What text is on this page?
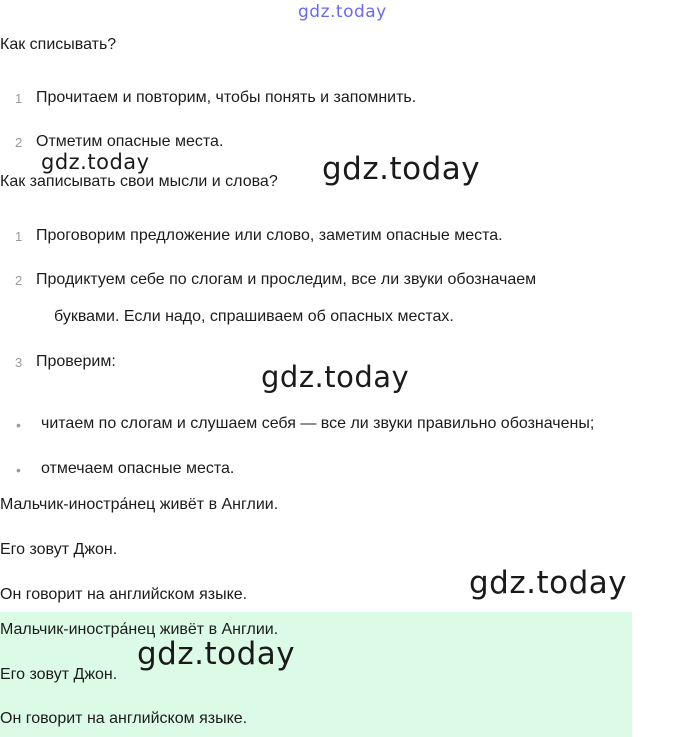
gdz.today
gdz.today	gdz.today
gdz.today
gdz.today
gdz.today
Как списывать?
1 Прочитаем и повторим, чтобы понять и запомнить.
2 Отметим опасные места.
Как записывать свои мысли и слова?
1 Проговорим предложение или слово, заметим опасные места.
2 Продиктуем себе по слогам и проследим, все ли звуки обозначаем
буквами. Если надо, спрашиваем об опасных местах.
3 Проверим:
• читаем по слогам и слушаем себя — все ли звуки правильно обозначены;
• отмечаем опасные места.
Мальчик-иностра́нец живёт в Англии.
Его зовут Джон.
Он говорит на английском языке.
Мальчик-иностра́нец живёт в Англии.
Его зовут Джон.
Он говорит на английском языке.
